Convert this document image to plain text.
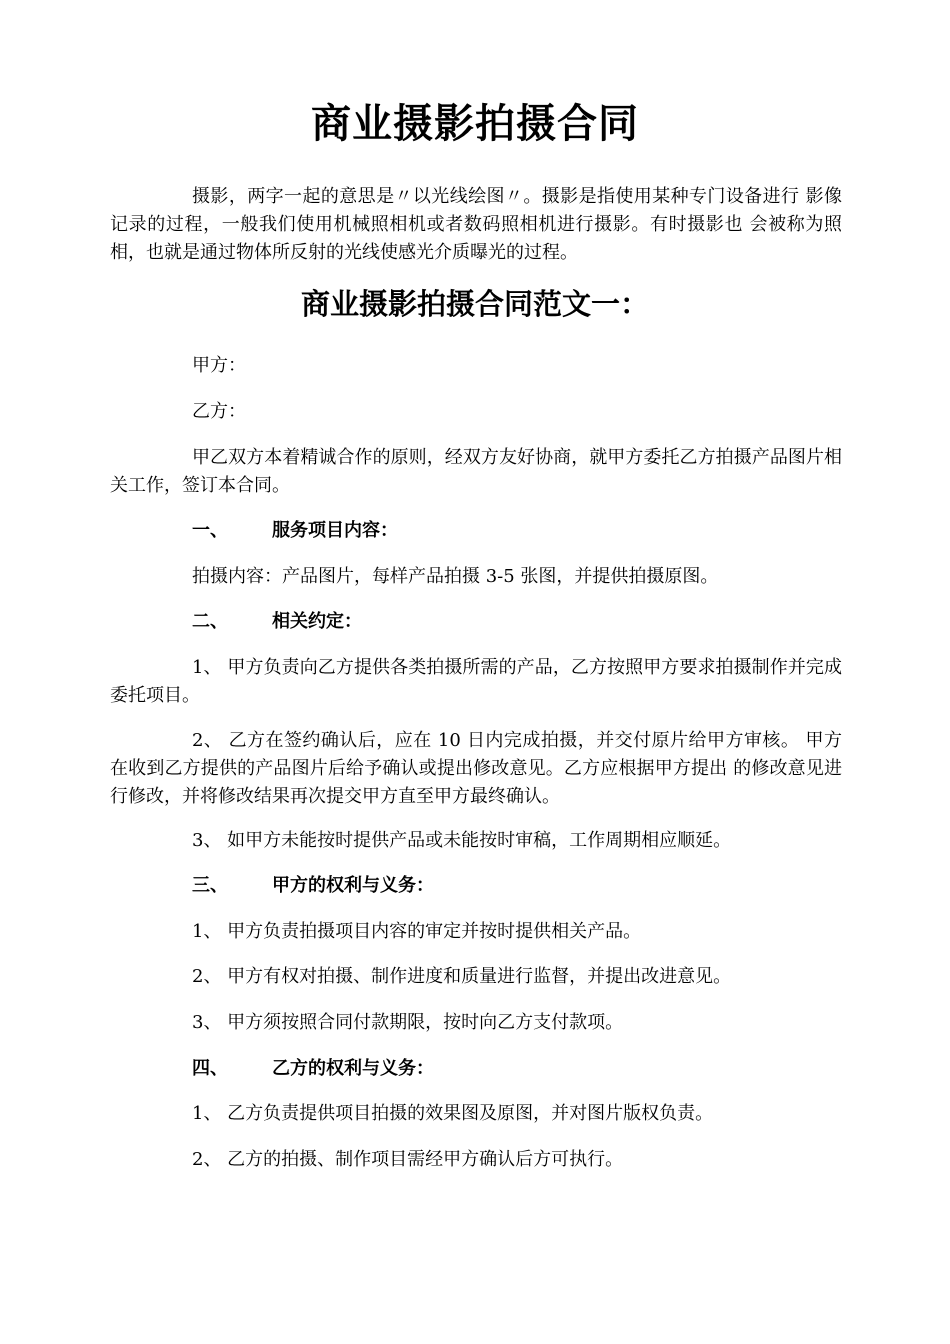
商业摄影拍摄合同

摄影，两字一起的意思是〃以光线绘图〃。摄影是指使用某种专门设备进行 影像记录的过程，一般我们使用机械照相机或者数码照相机进行摄影。有时摄影也 会被称为照相，也就是通过物体所反射的光线使感光介质曝光的过程。

商业摄影拍摄合同范文一：

甲方：

乙方：

甲乙双方本着精诚合作的原则，经双方友好协商，就甲方委托乙方拍摄产品图片相关工作，签订本合同。

一、 服务项目内容：

拍摄内容：产品图片，每样产品拍摄 3-5 张图，并提供拍摄原图。

二、 相关约定：

1、 甲方负责向乙方提供各类拍摄所需的产品，乙方按照甲方要求拍摄制作并完成委托项目。

2、 乙方在签约确认后，应在 10 日内完成拍摄，并交付原片给甲方审核。 甲方在收到乙方提供的产品图片后给予确认或提出修改意见。乙方应根据甲方提出 的修改意见进行修改，并将修改结果再次提交甲方直至甲方最终确认。

3、 如甲方未能按时提供产品或未能按时审稿，工作周期相应顺延。

三、 甲方的权利与义务：

1、 甲方负责拍摄项目内容的审定并按时提供相关产品。

2、 甲方有权对拍摄、制作进度和质量进行监督，并提出改进意见。

3、 甲方须按照合同付款期限，按时向乙方支付款项。

四、 乙方的权利与义务：

1、 乙方负责提供项目拍摄的效果图及原图，并对图片版权负责。

2、 乙方的拍摄、制作项目需经甲方确认后方可执行。
